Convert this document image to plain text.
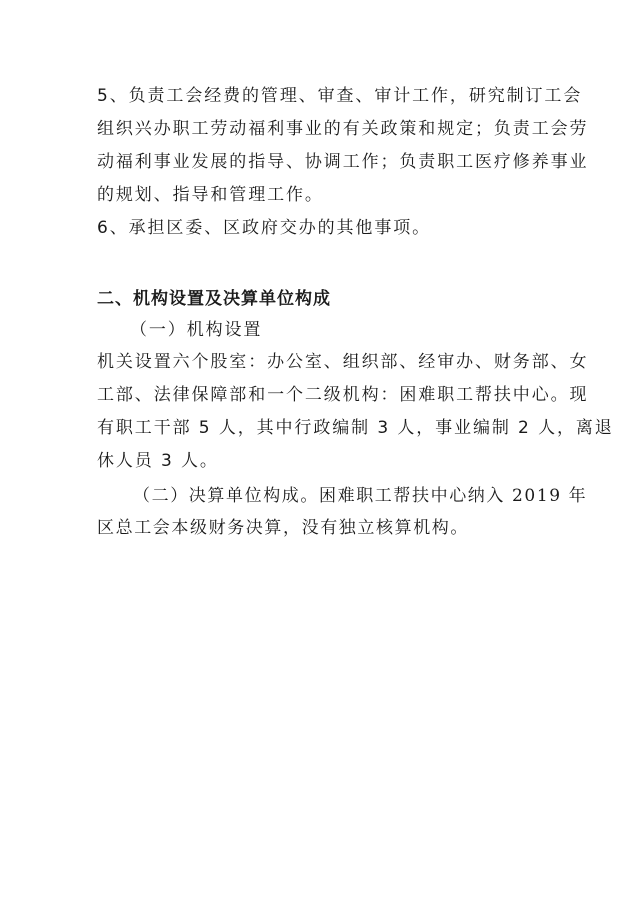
5、负责工会经费的管理、审查、审计工作，研究制订工会
组织兴办职工劳动福利事业的有关政策和规定；负责工会劳
动福利事业发展的指导、协调工作；负责职工医疗修养事业
的规划、指导和管理工作。
6、承担区委、区政府交办的其他事项。
二、机构设置及决算单位构成
（一）机构设置
机关设置六个股室：办公室、组织部、经审办、财务部、女
工部、法律保障部和一个二级机构：困难职工帮扶中心。现
有职工干部 5 人，其中行政编制 3 人，事业编制 2 人，离退
休人员 3 人。
（二）决算单位构成。困难职工帮扶中心纳入 2019 年
区总工会本级财务决算，没有独立核算机构。
